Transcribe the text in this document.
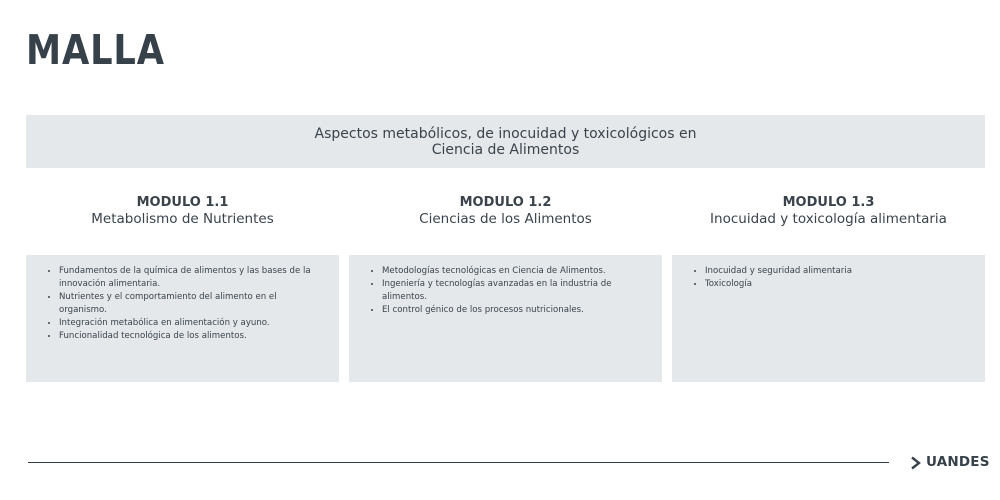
MALLA
Aspectos metabólicos, de inocuidad y toxicológicos en Ciencia de Alimentos
MODULO 1.1
Metabolismo de Nutrientes
• Fundamentos de la química de alimentos y las bases de la innovación alimentaria.
• Nutrientes y el comportamiento del alimento en el organismo.
• Integración metabólica en alimentación y ayuno.
• Funcionalidad tecnológica de los alimentos.
MODULO 1.2
Ciencias de los Alimentos
• Metodologías tecnológicas en Ciencia de Alimentos.
• Ingeniería y tecnologías avanzadas en la industria de alimentos.
• El control génico de los procesos nutricionales.
MODULO 1.3
Inocuidad y toxicología alimentaria
• Inocuidad y seguridad alimentaria
• Toxicología
UANDES
